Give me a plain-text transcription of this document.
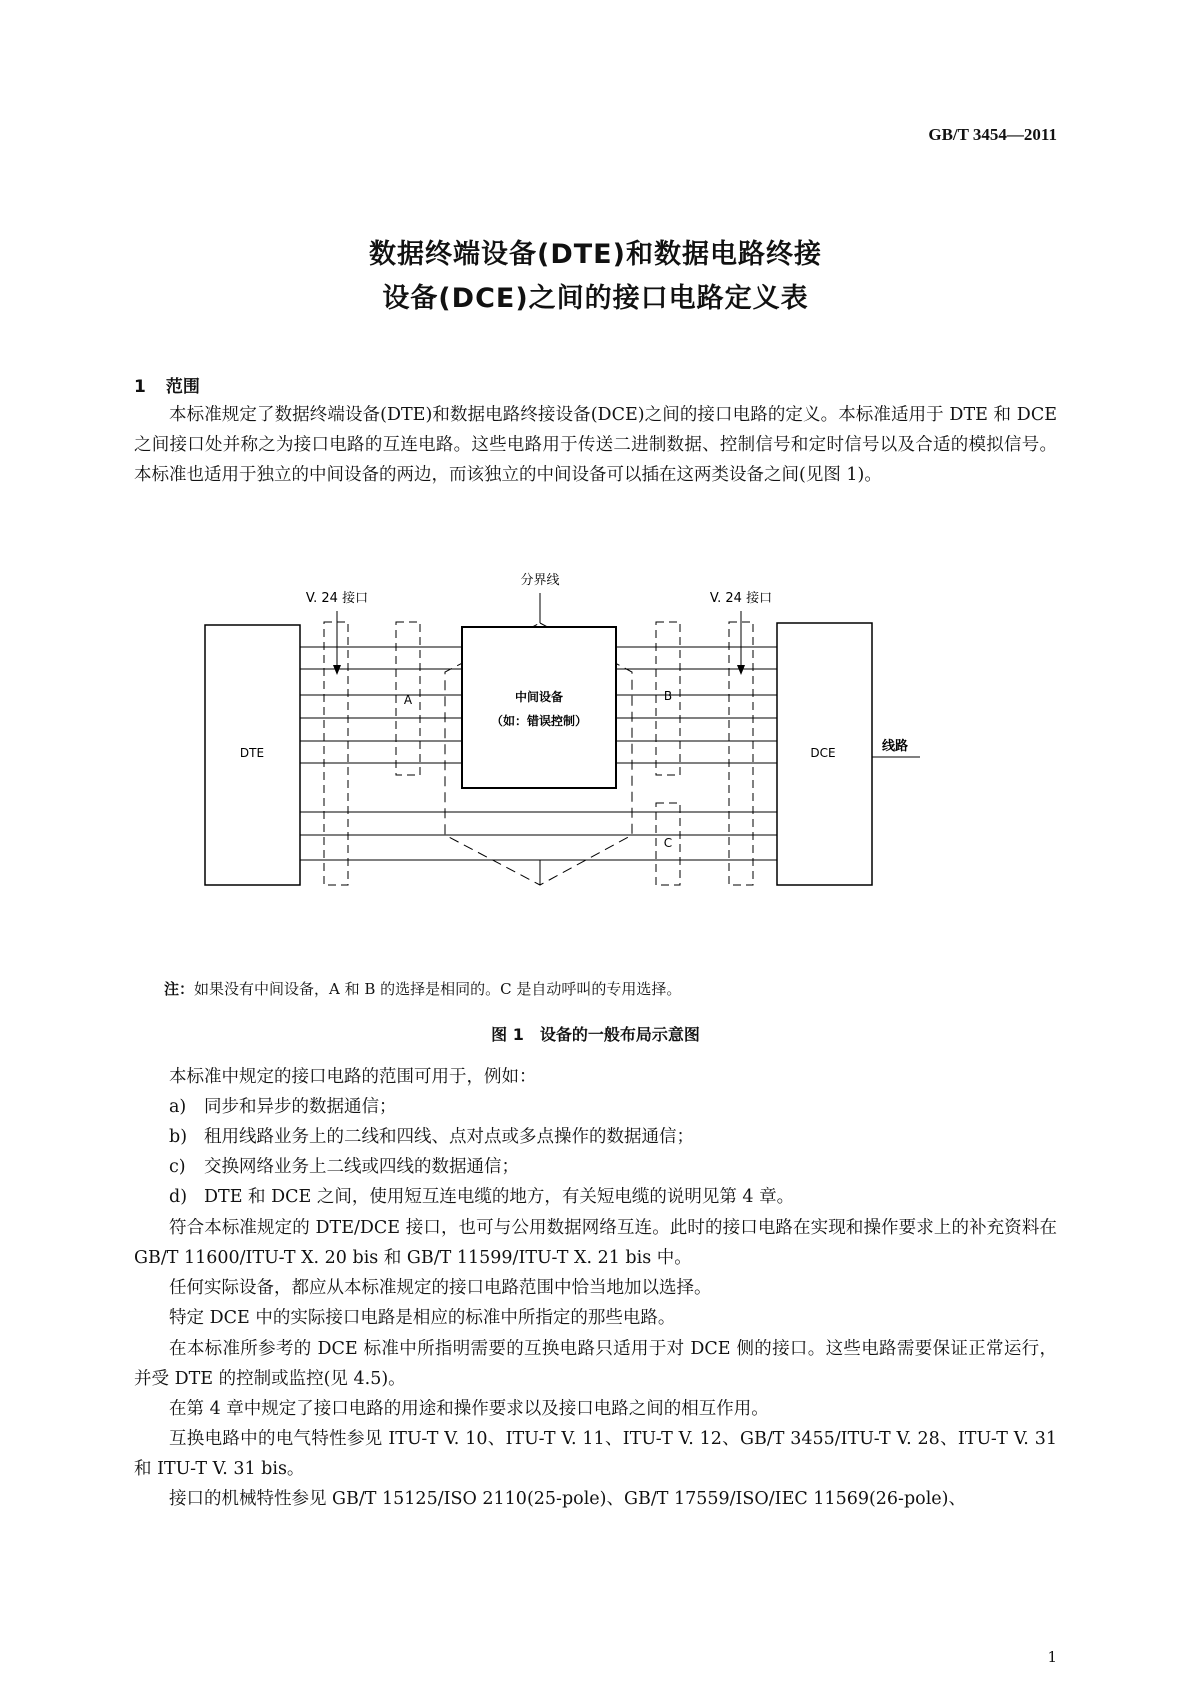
GB/T 3454—2011
数据终端设备(DTE)和数据电路终接
设备(DCE)之间的接口电路定义表
1 范围
本标准规定了数据终端设备(DTE)和数据电路终接设备(DCE)之间的接口电路的定义。本标准适用于 DTE 和 DCE 之间接口处并称之为接口电路的互连电路。这些电路用于传送二进制数据、控制信号和定时信号以及合适的模拟信号。本标准也适用于独立的中间设备的两边，而该独立的中间设备可以插在这两类设备之间(见图 1)。
分界线
V. 24 接口	V. 24 接口
DTE	DCE	线路
中间设备
（如：错误控制）
A	B
C
注：如果没有中间设备，A 和 B 的选择是相同的。C 是自动呼叫的专用选择。
图 1　设备的一般布局示意图
本标准中规定的接口电路的范围可用于，例如：
a) 同步和异步的数据通信；
b) 租用线路业务上的二线和四线、点对点或多点操作的数据通信；
c) 交换网络业务上二线或四线的数据通信；
d) DTE 和 DCE 之间，使用短互连电缆的地方，有关短电缆的说明见第 4 章。
符合本标准规定的 DTE/DCE 接口，也可与公用数据网络互连。此时的接口电路在实现和操作要求上的补充资料在 GB/T 11600/ITU-T X. 20 bis 和 GB/T 11599/ITU-T X. 21 bis 中。
任何实际设备，都应从本标准规定的接口电路范围中恰当地加以选择。
特定 DCE 中的实际接口电路是相应的标准中所指定的那些电路。
在本标准所参考的 DCE 标准中所指明需要的互换电路只适用于对 DCE 侧的接口。这些电路需要保证正常运行，并受 DTE 的控制或监控(见 4.5)。
在第 4 章中规定了接口电路的用途和操作要求以及接口电路之间的相互作用。
互换电路中的电气特性参见 ITU-T V. 10、ITU-T V. 11、ITU-T V. 12、GB/T 3455/ITU-T V. 28、ITU-T V. 31 和 ITU-T V. 31 bis。
接口的机械特性参见 GB/T 15125/ISO 2110(25-pole)、GB/T 17559/ISO/IEC 11569(26-pole)、
1
